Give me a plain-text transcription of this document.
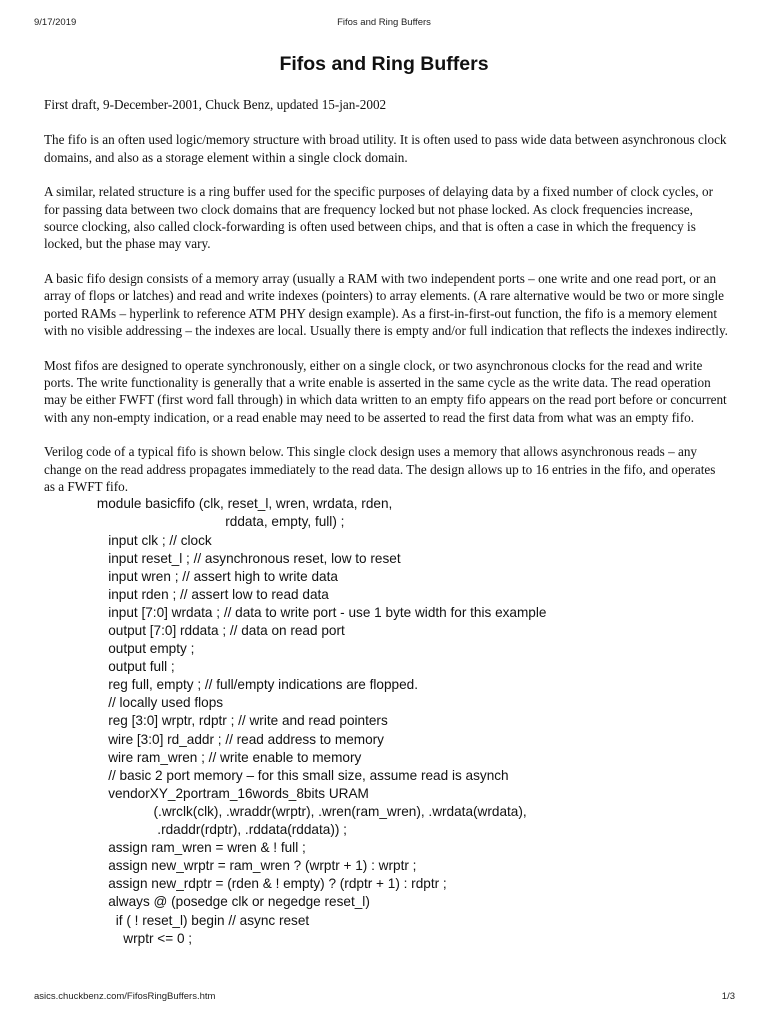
9/17/2019	Fifos and Ring Buffers
Fifos and Ring Buffers

First draft, 9-December-2001, Chuck Benz, updated 15-jan-2002

The fifo is an often used logic/memory structure with broad utility. It is often used to pass wide data between asynchronous clock domains, and also as a storage element within a single clock domain.

A similar, related structure is a ring buffer used for the specific purposes of delaying data by a fixed number of clock cycles, or for passing data between two clock domains that are frequency locked but not phase locked. As clock frequencies increase, source clocking, also called clock-forwarding is often used between chips, and that is often a case in which the frequency is locked, but the phase may vary.

A basic fifo design consists of a memory array (usually a RAM with two independent ports – one write and one read port, or an array of flops or latches) and read and write indexes (pointers) to array elements. (A rare alternative would be two or more single ported RAMs – hyperlink to reference ATM PHY design example). As a first-in-first-out function, the fifo is a memory element with no visible addressing – the indexes are local. Usually there is empty and/or full indication that reflects the indexes indirectly.

Most fifos are designed to operate synchronously, either on a single clock, or two asynchronous clocks for the read and write ports. The write functionality is generally that a write enable is asserted in the same cycle as the write data. The read operation may be either FWFT (first word fall through) in which data written to an empty fifo appears on the read port before or concurrent with any non-empty indication, or a read enable may need to be asserted to read the first data from what was an empty fifo.

Verilog code of a typical fifo is shown below. This single clock design uses a memory that allows asynchronous reads – any change on the read address propagates immediately to the read data. The design allows up to 16 entries in the fifo, and operates as a FWFT fifo.

module basicfifo (clk, reset_l, wren, wrdata, rden,
rddata, empty, full) ;
input clk ; // clock
input reset_l ; // asynchronous reset, low to reset
input wren ; // assert high to write data
input rden ; // assert low to read data
input [7:0] wrdata ; // data to write port - use 1 byte width for this example
output [7:0] rddata ; // data on read port
output empty ;
output full ;
reg full, empty ; // full/empty indications are flopped.
// locally used flops
reg [3:0] wrptr, rdptr ; // write and read pointers
wire [3:0] rd_addr ; // read address to memory
wire ram_wren ; // write enable to memory
// basic 2 port memory – for this small size, assume read is asynch
vendorXY_2portram_16words_8bits URAM
(.wrclk(clk), .wraddr(wrptr), .wren(ram_wren), .wrdata(wrdata),
.rdaddr(rdptr), .rddata(rddata)) ;
assign ram_wren = wren & ! full ;
assign new_wrptr = ram_wren ? (wrptr + 1) : wrptr ;
assign new_rdptr = (rden & ! empty) ? (rdptr + 1) : rdptr ;
always @ (posedge clk or negedge reset_l)
if ( ! reset_l) begin // async reset
wrptr <= 0 ;
asics.chuckbenz.com/FifosRingBuffers.htm	1/3
